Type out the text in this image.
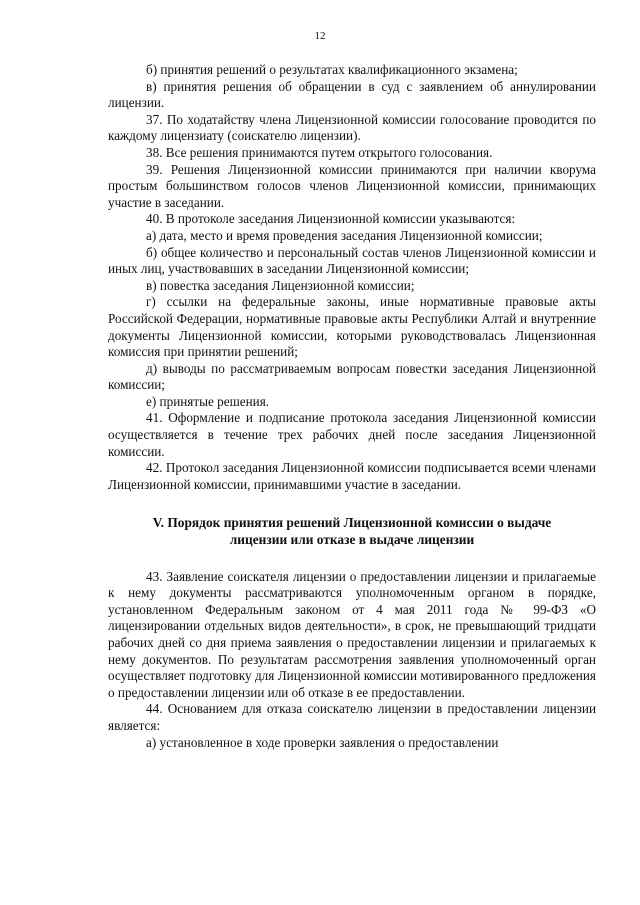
12

б) принятия решений о результатах квалификационного экзамена;

в) принятия решения об обращении в суд с заявлением об аннулировании лицензии.

37. По ходатайству члена Лицензионной комиссии голосование проводится по каждому лицензиату (соискателю лицензии).

38. Все решения принимаются путем открытого голосования.

39. Решения Лицензионной комиссии принимаются при наличии кворума простым большинством голосов членов Лицензионной комиссии, принимающих участие в заседании.

40. В протоколе заседания Лицензионной комиссии указываются:

а) дата, место и время проведения заседания Лицензионной комиссии;

б) общее количество и персональный состав членов Лицензионной комиссии и иных лиц, участвовавших в заседании Лицензионной комиссии;

в) повестка заседания Лицензионной комиссии;

г) ссылки на федеральные законы, иные нормативные правовые акты Российской Федерации, нормативные правовые акты Республики Алтай и внутренние документы Лицензионной комиссии, которыми руководствовалась Лицензионная комиссия при принятии решений;

д) выводы по рассматриваемым вопросам повестки заседания Лицензионной комиссии;

е) принятые решения.

41. Оформление и подписание протокола заседания Лицензионной комиссии осуществляется в течение трех рабочих дней после заседания Лицензионной комиссии.

42. Протокол заседания Лицензионной комиссии подписывается всеми членами Лицензионной комиссии, принимавшими участие в заседании.

V. Порядок принятия решений Лицензионной комиссии о выдаче
лицензии или отказе в выдаче лицензии

43. Заявление соискателя лицензии о предоставлении лицензии и прилагаемые к нему документы рассматриваются уполномоченным органом в порядке, установленном Федеральным законом от 4 мая 2011 года № 99-ФЗ «О лицензировании отдельных видов деятельности», в срок, не превышающий тридцати рабочих дней со дня приема заявления о предоставлении лицензии и прилагаемых к нему документов. По результатам рассмотрения заявления уполномоченный орган осуществляет подготовку для Лицензионной комиссии мотивированного предложения о предоставлении лицензии или об отказе в ее предоставлении.

44. Основанием для отказа соискателю лицензии в предоставлении лицензии является:

а) установленное в ходе проверки заявления о предоставлении
